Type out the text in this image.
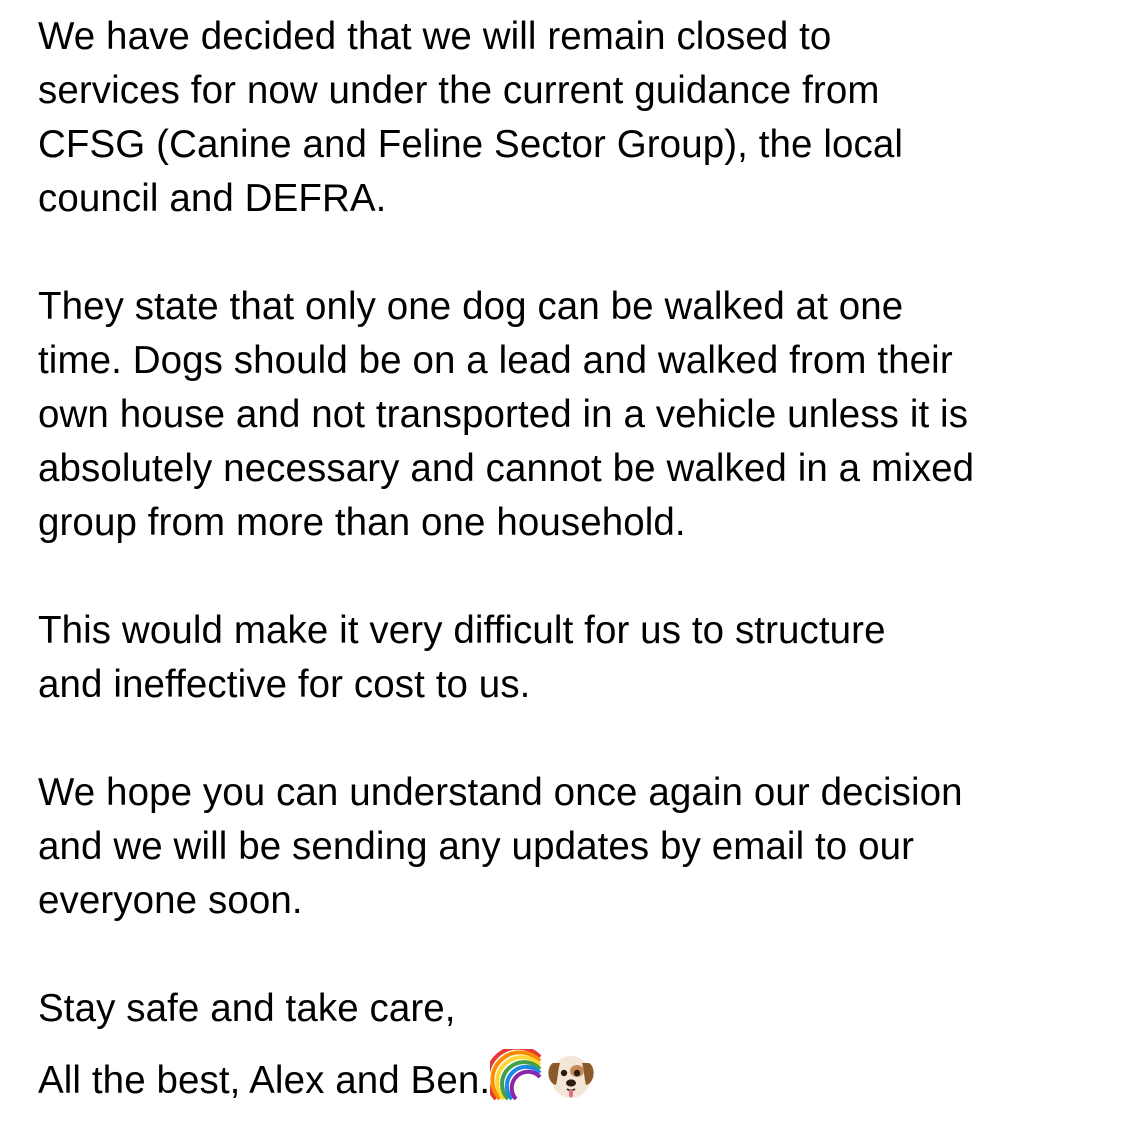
We have decided that we will remain closed to
services for now under the current guidance from
CFSG (Canine and Feline Sector Group), the local
council and DEFRA.

They state that only one dog can be walked at one
time. Dogs should be on a lead and walked from their
own house and not transported in a vehicle unless it is
absolutely necessary and cannot be walked in a mixed
group from more than one household.

This would make it very difficult for us to structure
and ineffective for cost to us.

We hope you can understand once again our decision
and we will be sending any updates by email to our
everyone soon.

Stay safe and take care,
All the best, Alex and Ben.
